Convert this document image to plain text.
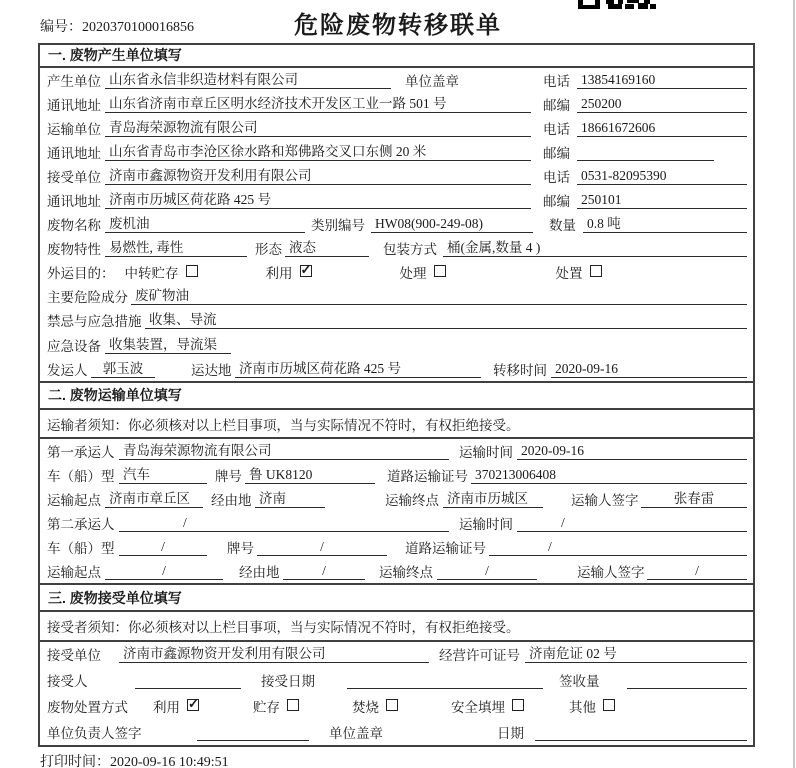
编号：2020370100016856	危险废物转移联单
一. 废物产生单位填写
产生单位 山东省永信非织造材料有限公司	单位盖章	电话 13854169160
通讯地址 山东省济南市章丘区明水经济技术开发区工业一路 501 号	邮编 250200
运输单位 青岛海荣源物流有限公司	电话 18661672606
通讯地址 山东省青岛市李沧区徐水路和郑佛路交叉口东侧 20 米	邮编
接受单位 济南市鑫源物资开发利用有限公司	电话 0531-82095390
通讯地址 济南市历城区荷花路 425 号	邮编 250101
废物名称 废机油	类别编号 HW08(900-249-08)	数量 0.8 吨
废物特性 易燃性, 毒性	形态 液态	包装方式 桶(金属,数量 4 )
外运目的： 中转贮存	利用 ✓	处理	处置
主要危险成分 废矿物油
禁忌与应急措施 收集、导流
应急设备 收集装置，导流渠
发运人	郭玉波	运达地 济南市历城区荷花路 425 号	转移时间 2020-09-16
二. 废物运输单位填写
运输者须知：你必须核对以上栏目事项，当与实际情况不符时，有权拒绝接受。
第一承运人 青岛海荣源物流有限公司	运输时间 2020-09-16
车（船）型 汽车	牌号 鲁 UK8120	道路运输证号 370213006408
运输起点 济南市章丘区	经由地 济南	运输终点 济南市历城区	运输人签字	张春雷
第二承运人	/	运输时间	/
车（船）型	/	牌号	/	道路运输证号	/
运输起点	/	经由地	/	运输终点	/	运输人签字	/
三. 废物接受单位填写
接受者须知：你必须核对以上栏目事项，当与实际情况不符时，有权拒绝接受。
接受单位 济南市鑫源物资开发利用有限公司	经营许可证号 济南危证 02 号
接受人	接受日期	签收量
废物处置方式 利用 ✓	贮存	焚烧	安全填埋	其他
单位负责人签字	单位盖章	日期
打印时间：2020-09-16 10:49:51
